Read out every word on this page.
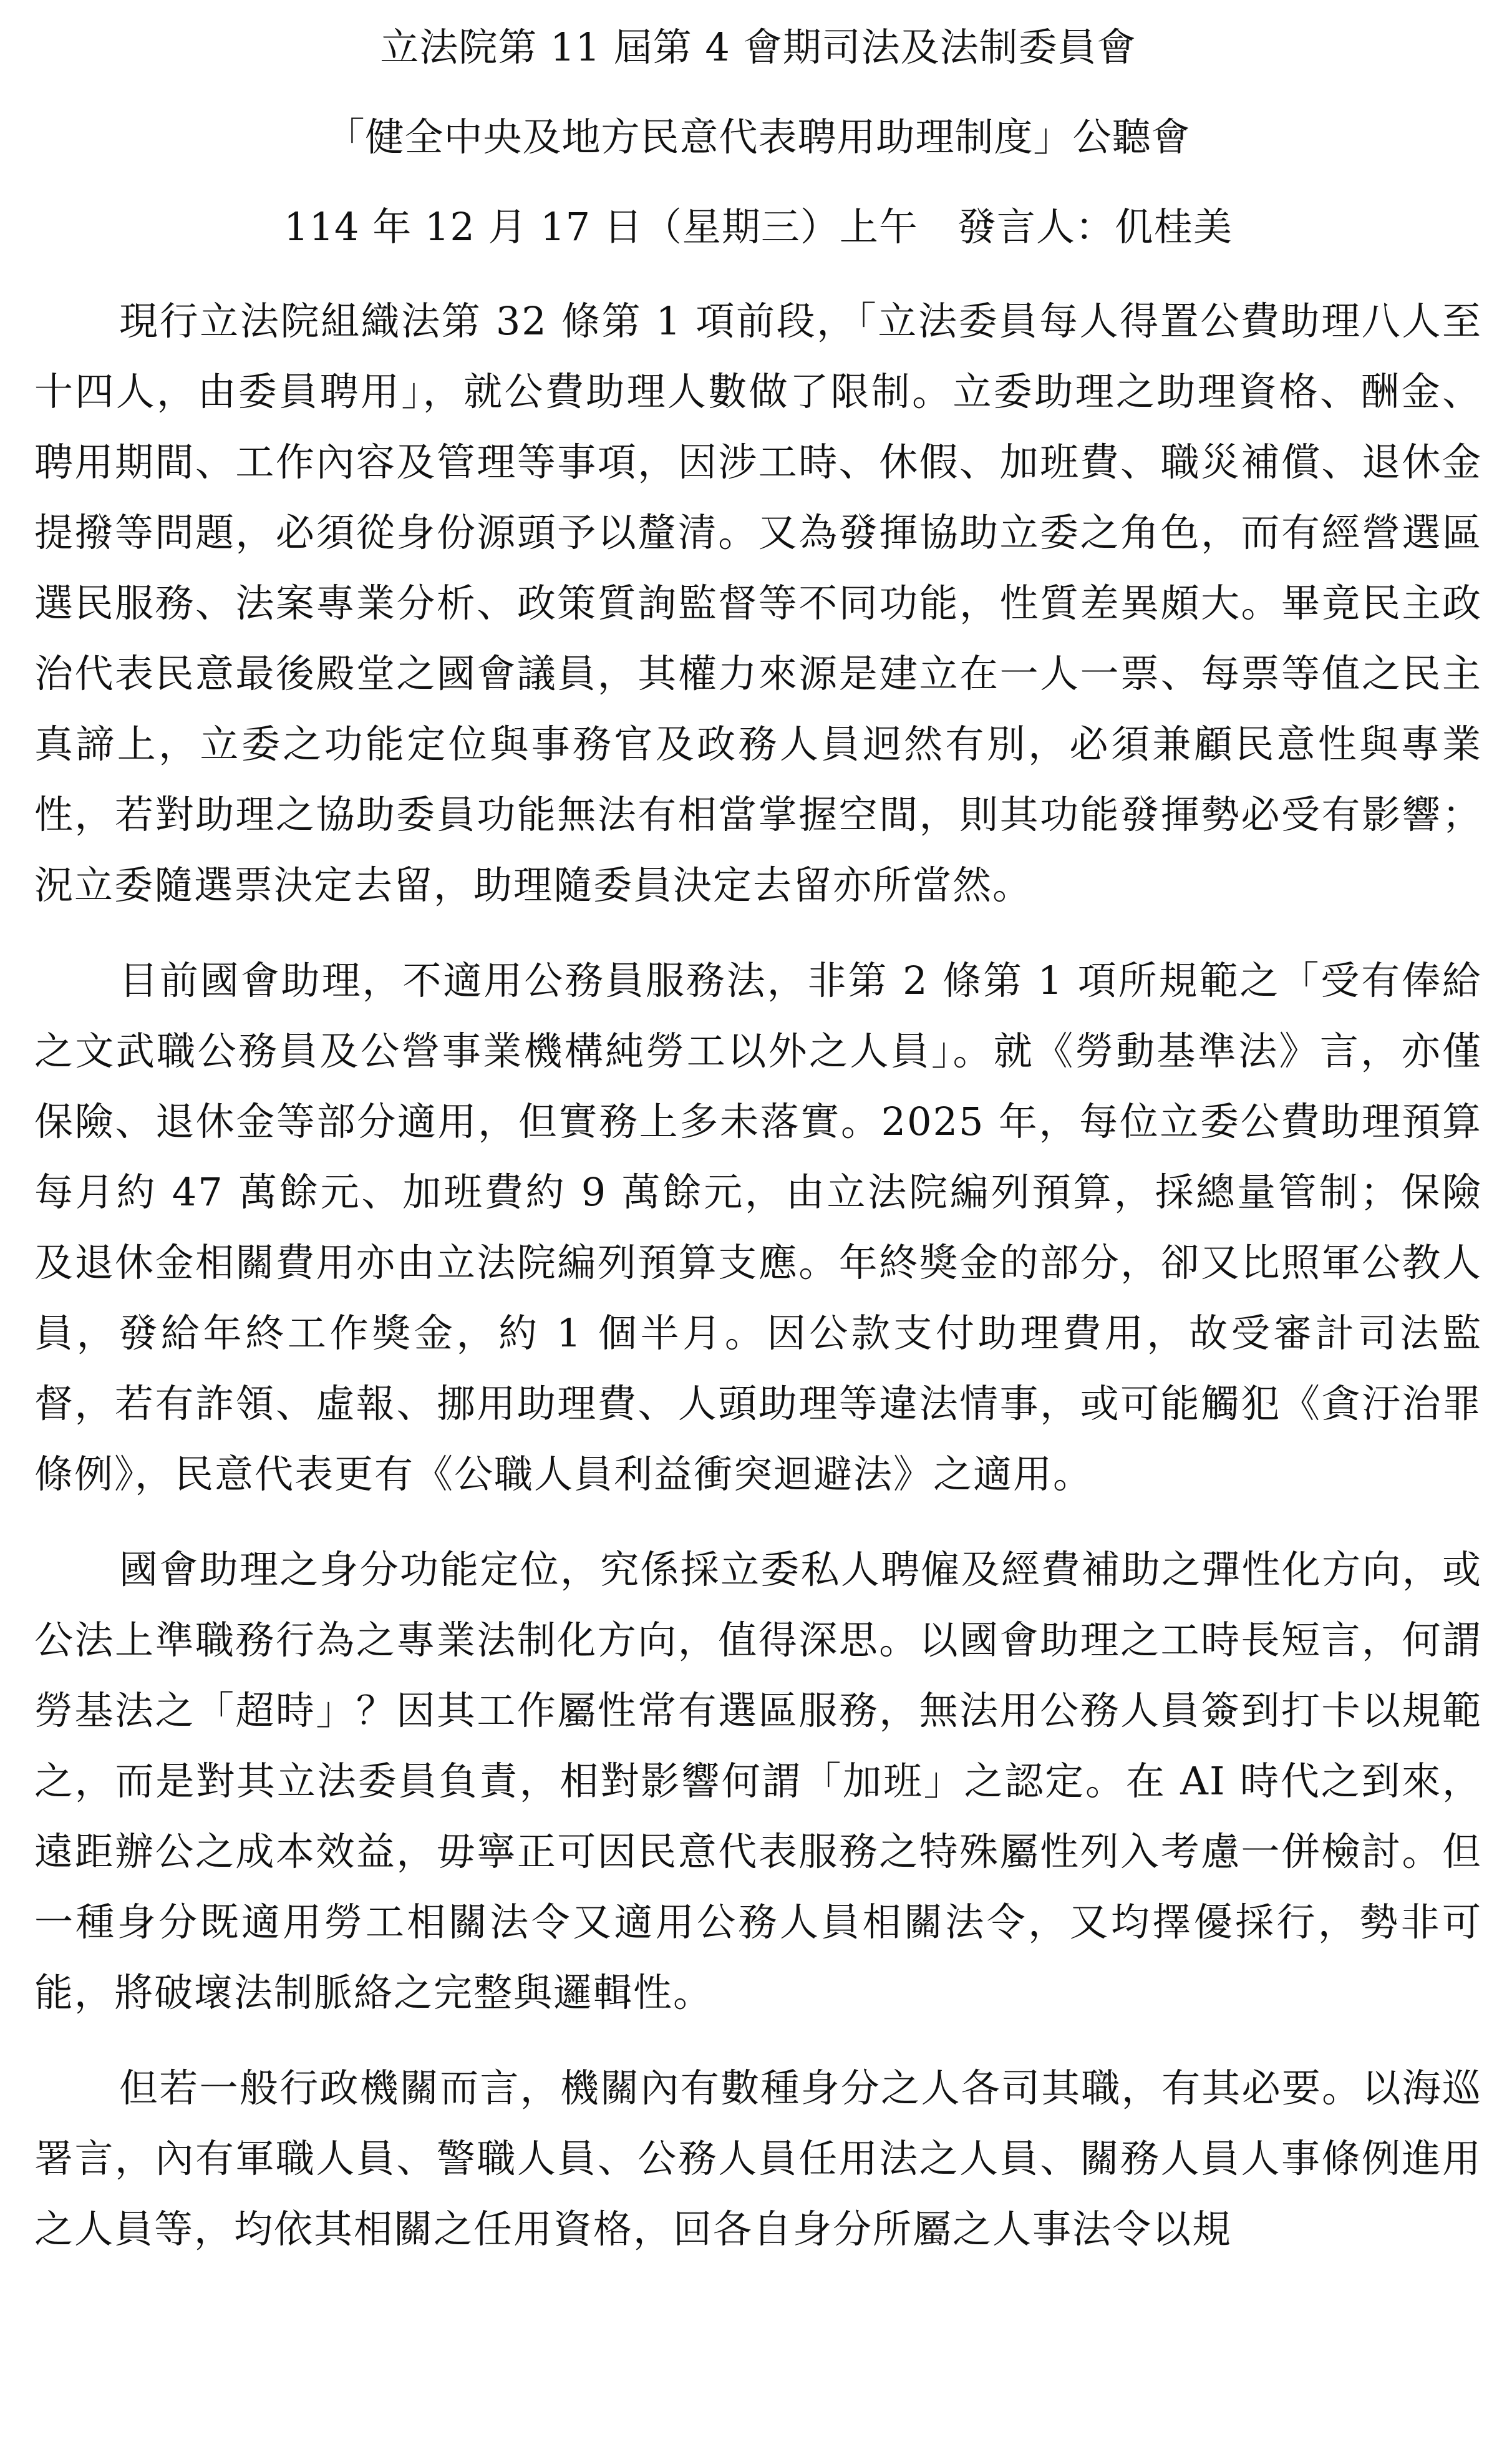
立法院第 11 屆第 4 會期司法及法制委員會
「健全中央及地方民意代表聘用助理制度」公聽會
114 年 12 月 17 日（星期三）上午　發言人：仉桂美

現行立法院組織法第 32 條第 1 項前段，「立法委員每人得置公費助理八人至十四人，由委員聘用」，就公費助理人數做了限制。立委助理之助理資格、酬金、聘用期間、工作內容及管理等事項，因涉工時、休假、加班費、職災補償、退休金提撥等問題，必須從身份源頭予以釐清。又為發揮協助立委之角色，而有經營選區選民服務、法案專業分析、政策質詢監督等不同功能，性質差異頗大。畢竟民主政治代表民意最後殿堂之國會議員，其權力來源是建立在一人一票、每票等值之民主真諦上，立委之功能定位與事務官及政務人員迥然有別，必須兼顧民意性與專業性，若對助理之協助委員功能無法有相當掌握空間，則其功能發揮勢必受有影響；況立委隨選票決定去留，助理隨委員決定去留亦所當然。

目前國會助理，不適用公務員服務法，非第 2 條第 1 項所規範之「受有俸給之文武職公務員及公營事業機構純勞工以外之人員」。就《勞動基準法》言，亦僅保險、退休金等部分適用，但實務上多未落實。2025 年，每位立委公費助理預算每月約 47 萬餘元、加班費約 9 萬餘元，由立法院編列預算，採總量管制；保險及退休金相關費用亦由立法院編列預算支應。年終獎金的部分，卻又比照軍公教人員，發給年終工作獎金，約 1 個半月。因公款支付助理費用，故受審計司法監督，若有詐領、虛報、挪用助理費、人頭助理等違法情事，或可能觸犯《貪汙治罪條例》，民意代表更有《公職人員利益衝突迴避法》之適用。

國會助理之身分功能定位，究係採立委私人聘僱及經費補助之彈性化方向，或公法上準職務行為之專業法制化方向，值得深思。以國會助理之工時長短言，何謂勞基法之「超時」？因其工作屬性常有選區服務，無法用公務人員簽到打卡以規範之，而是對其立法委員負責，相對影響何謂「加班」之認定。在 AI 時代之到來，遠距辦公之成本效益，毋寧正可因民意代表服務之特殊屬性列入考慮一併檢討。但一種身分既適用勞工相關法令又適用公務人員相關法令，又均擇優採行，勢非可能，將破壞法制脈絡之完整與邏輯性。

但若一般行政機關而言，機關內有數種身分之人各司其職，有其必要。以海巡署言，內有軍職人員、警職人員、公務人員任用法之人員、關務人員人事條例進用之人員等，均依其相關之任用資格，回各自身分所屬之人事法令以規
